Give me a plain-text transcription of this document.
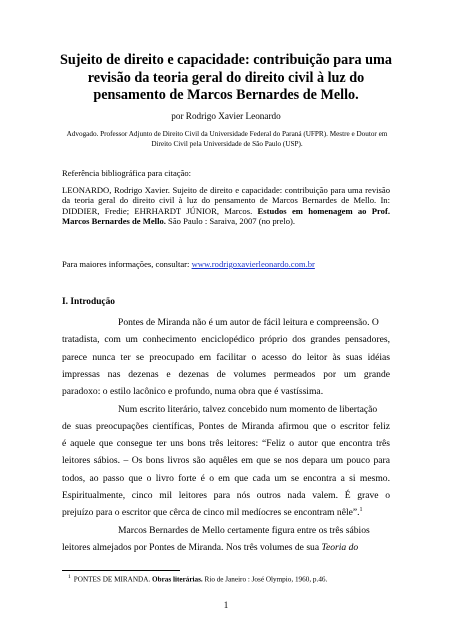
Sujeito de direito e capacidade: contribuição para uma revisão da teoria geral do direito civil à luz do pensamento de Marcos Bernardes de Mello.
por Rodrigo Xavier Leonardo
Advogado. Professor Adjunto de Direito Civil da Universidade Federal do Paraná (UFPR). Mestre e Doutor em Direito Civil pela Universidade de São Paulo (USP).
Referência bibliográfica para citação:
LEONARDO, Rodrigo Xavier. Sujeito de direito e capacidade: contribuição para uma revisão da teoria geral do direito civil à luz do pensamento de Marcos Bernardes de Mello. In: DIDDIER, Fredie; EHRHARDT JÚNIOR, Marcos. Estudos em homenagem ao Prof. Marcos Bernardes de Mello. São Paulo : Saraiva, 2007 (no prelo).
Para maiores informações, consultar: www.rodrigoxavierleonardo.com.br
I. Introdução
Pontes de Miranda não é um autor de fácil leitura e compreensão. O
tratadista, com um conhecimento enciclopédico próprio dos grandes pensadores,
parece nunca ter se preocupado em facilitar o acesso do leitor às suas idéias
impressas nas dezenas e dezenas de volumes permeados por um grande
paradoxo: o estilo lacônico e profundo, numa obra que é vastíssima.
Num escrito literário, talvez concebido num momento de libertação
de suas preocupações científicas, Pontes de Miranda afirmou que o escritor feliz
é aquele que consegue ter uns bons três leitores: “Feliz o autor que encontra três
leitores sábios. – Os bons livros são aquêles em que se nos depara um pouco para
todos, ao passo que o livro forte é o em que cada um se encontra a si mesmo.
Espiritualmente, cinco mil leitores para nós outros nada valem. É grave o
prejuízo para o escritor que cêrca de cinco mil medíocres se encontram nêle”.$^1$
Marcos Bernardes de Mello certamente figura entre os três sábios
leitores almejados por Pontes de Miranda. Nos três volumes de sua Teoria do
$^1$ PONTES DE MIRANDA. Obras literárias. Rio de Janeiro : José Olympio, 1960, p.46.
1
